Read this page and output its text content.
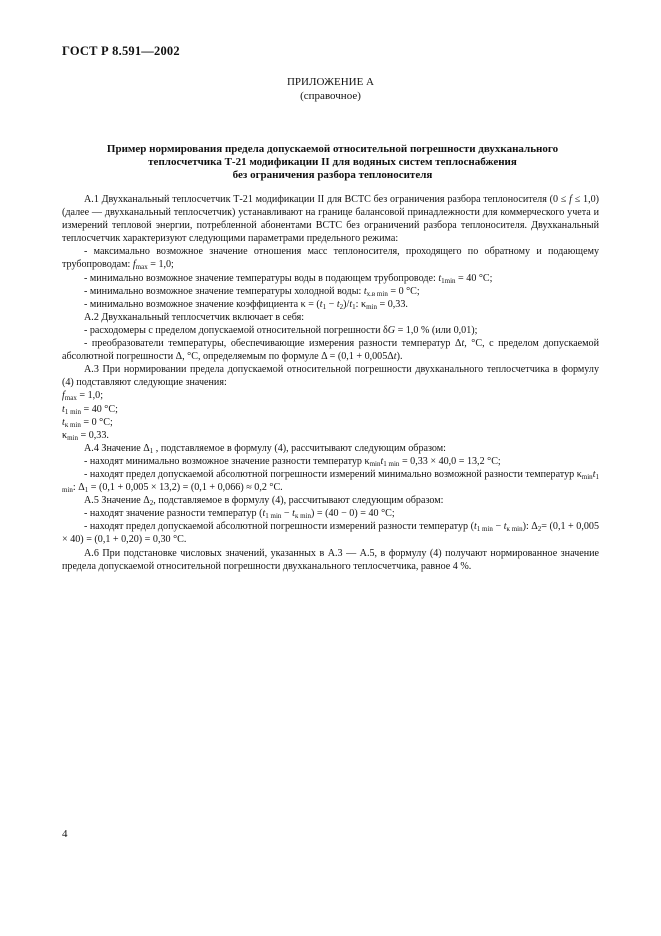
ГОСТ Р 8.591—2002
ПРИЛОЖЕНИЕ А
(справочное)
Пример нормирования предела допускаемой относительной погрешности двухканального
теплосчетчика Т-21 модификации II для водяных систем теплоснабжения
без ограничения разбора теплоносителя

А.1 Двухканальный теплосчетчик Т-21 модификации II для ВСТС без ограничения разбора теплоносителя (0 ≤ f ≤ 1,0) (далее — двухканальный теплосчетчик) устанавливают на границе балансовой принадлежности для коммерческого учета и измерений тепловой энергии, потребленной абонентами ВСТС без ограничений разбора теплоносителя. Двухканальный теплосчетчик характеризуют следующими параметрами предельного режима:

- максимально возможное значение отношения масс теплоносителя, проходящего по обратному и подающему трубопроводам: $f_{max} = 1,0$;

- минимально возможное значение температуры воды в подающем трубопроводе: $t_{1min} = 40$ °C;

- минимально возможное значение температуры холодной воды: $t_{х.в min} = 0$ °C;

- минимально возможное значение коэффициента $\kappa = (t_1 - t_2)/t_1$: $\kappa_{min} = 0,33$.

А.2 Двухканальный теплосчетчик включает в себя:

- расходомеры с пределом допускаемой относительной погрешности δG = 1,0 % (или 0,01);

- преобразователи температуры, обеспечивающие измерения разности температур Δt, °C, с пределом допускаемой абсолютной погрешности Δ, °C, определяемым по формуле Δ = (0,1 + 0,005Δt).

А.3 При нормировании предела допускаемой относительной погрешности двухканального теплосчетчика в формулу (4) подставляют следующие значения:

$f_{max} = 1,0$;

$t_{1 min} = 40$ °C;

$t_{к min} = 0$ °C;

$\kappa_{min} = 0,33$.

А.4 Значение $\Delta_1$ , подставляемое в формулу (4), рассчитывают следующим образом:

- находят минимально возможное значение разности температур $\kappa_{min}t_{1 min} = 0,33 \times 40,0 = 13,2$ °C;

- находят предел допускаемой абсолютной погрешности измерений минимально возможной разности температур $\kappa_{min}t_{1 min}$: $\Delta_1 = (0,1 + 0,005 \times 13,2) = (0,1 + 0,066) \approx 0,2$ °C.

А.5 Значение $\Delta_2$, подставляемое в формулу (4), рассчитывают следующим образом:

- находят значение разности температур $(t_{1 min} - t_{к min}) = (40 - 0) = 40$ °C;

- находят предел допускаемой абсолютной погрешности измерений разности температур $(t_{1 min} - t_{к min})$: $\Delta_2= (0,1 + 0,005 \times 40) = (0,1 + 0,20) = 0,30$ °C.

А.6 При подстановке числовых значений, указанных в А.3 — А.5, в формулу (4) получают нормированное значение предела допускаемой относительной погрешности двухканального теплосчетчика, равное 4 %.

4
